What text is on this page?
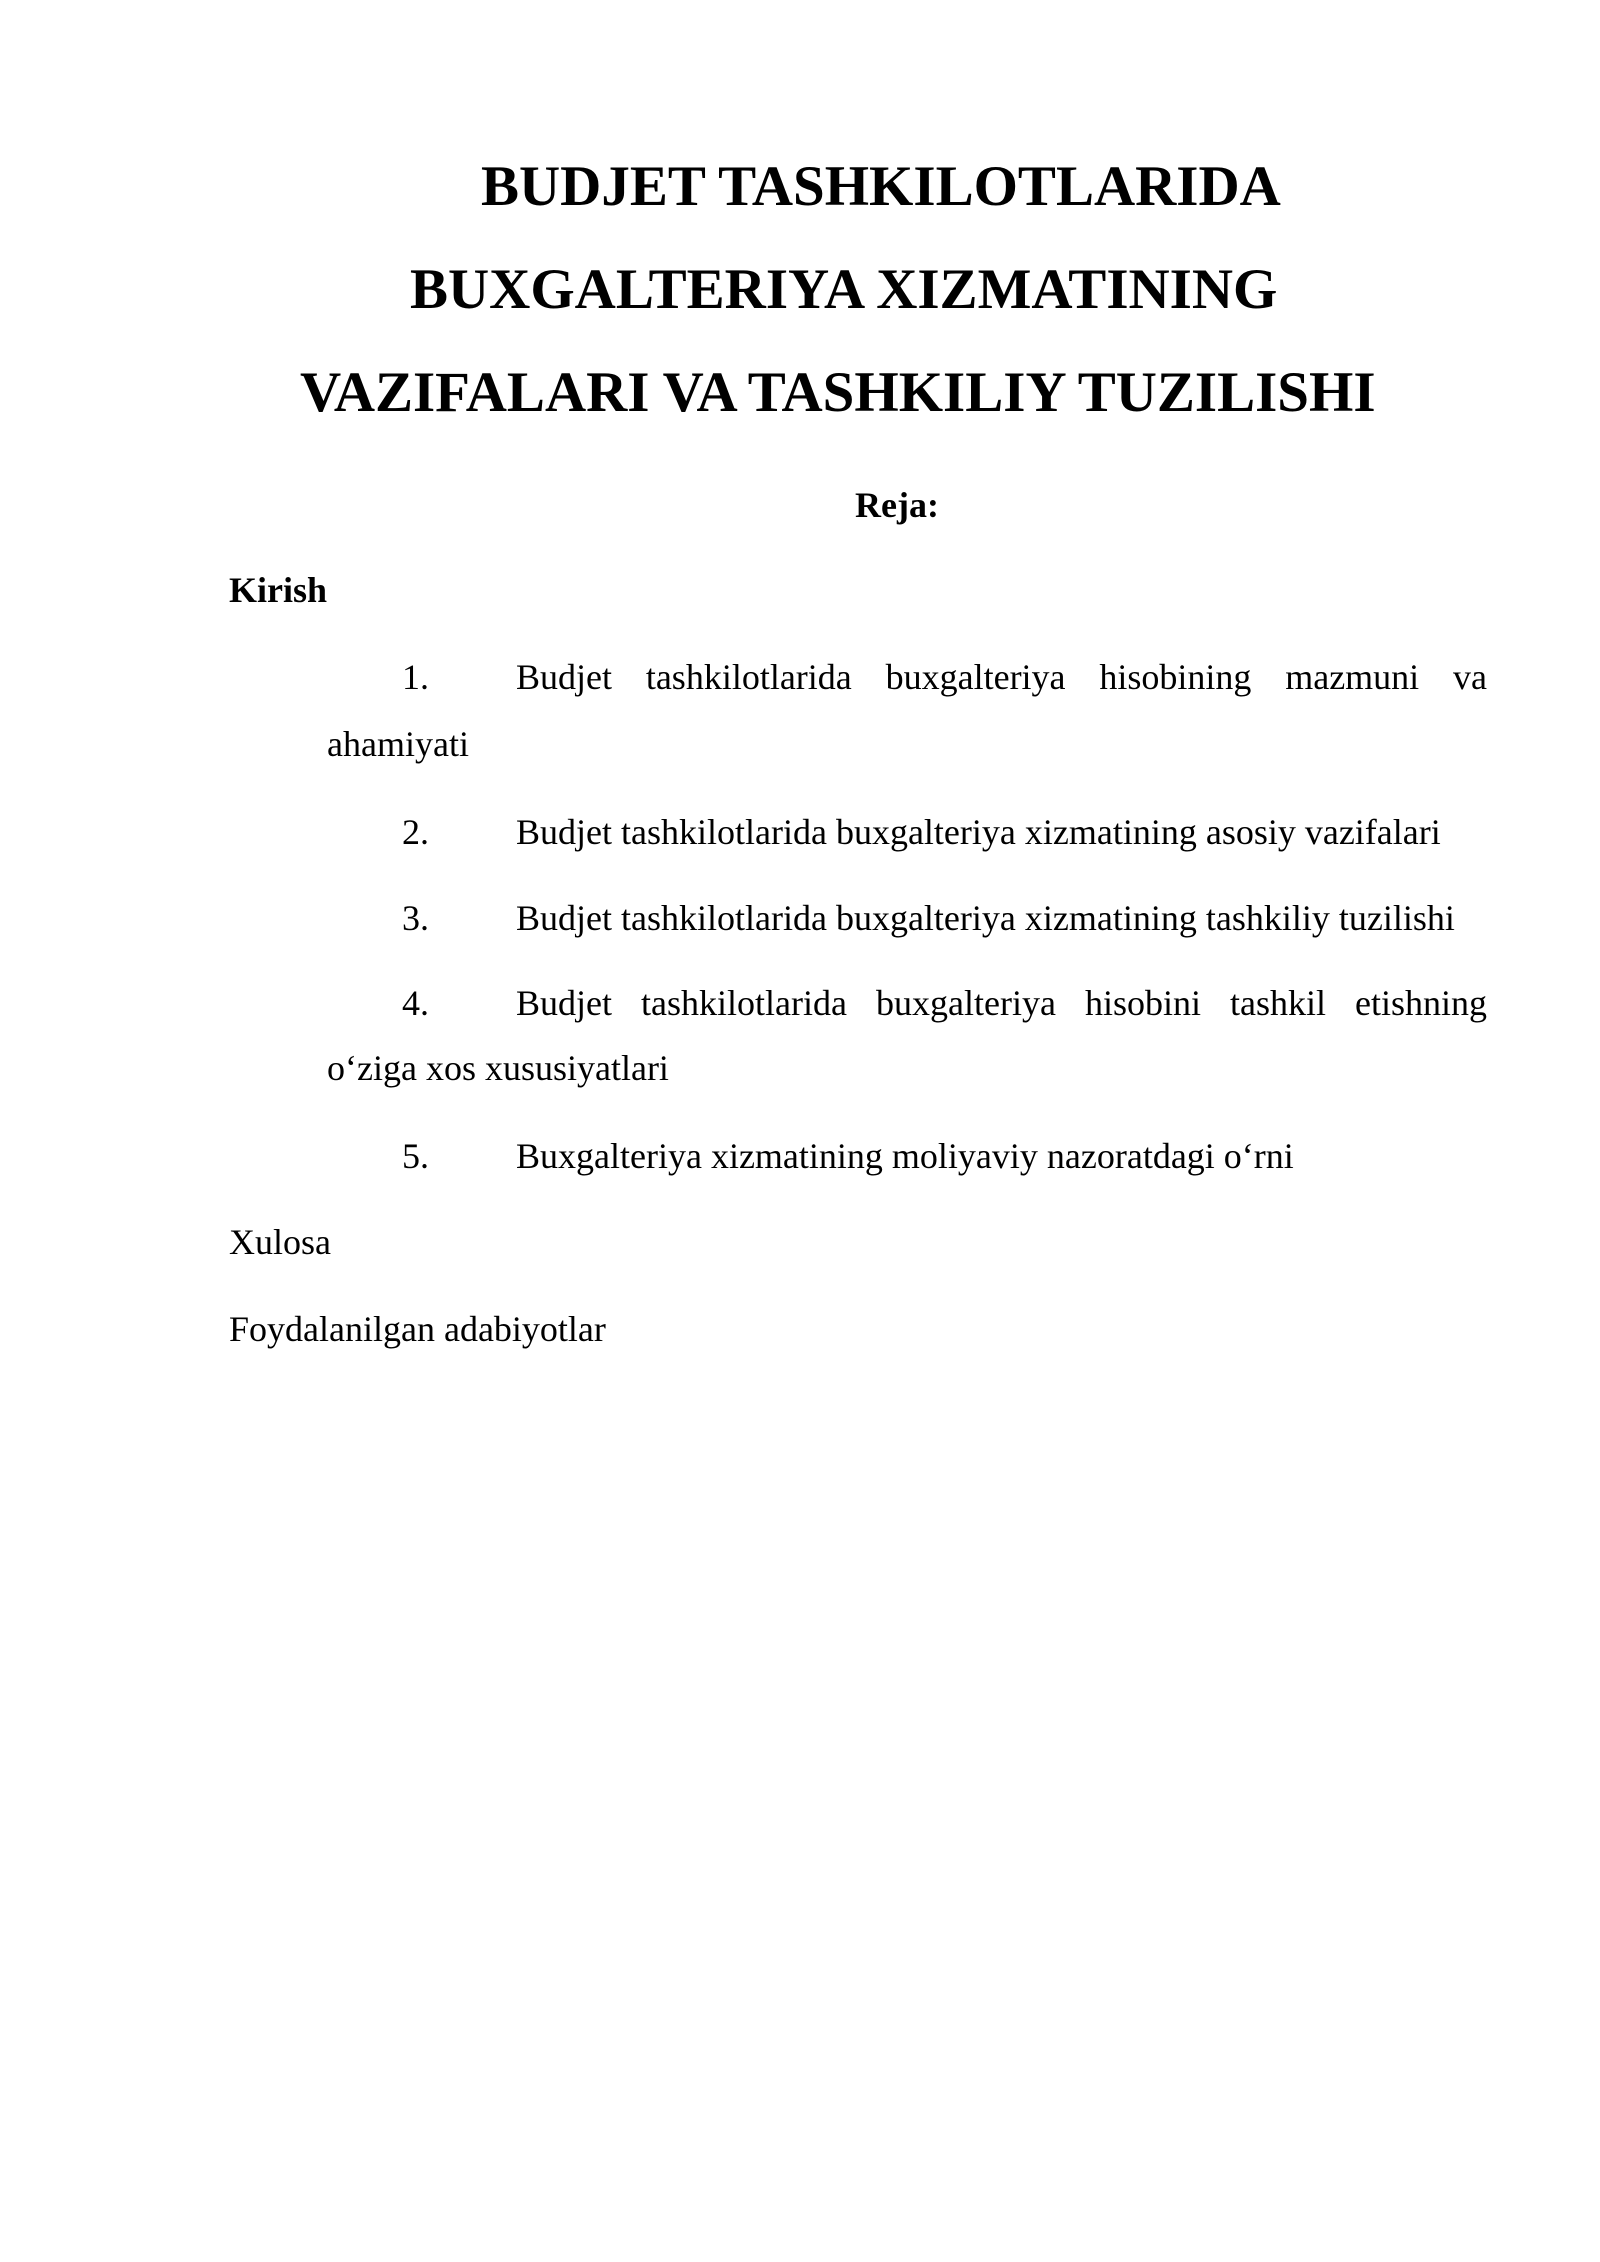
BUDJET TASHKILOTLARIDA
BUXGALTERIYA XIZMATINING
VAZIFALARI VA TASHKILIY TUZILISHI
Reja:
Kirish
1. Budjet tashkilotlarida buxgalteriya hisobining mazmuni va
ahamiyati
2. Budjet tashkilotlarida buxgalteriya xizmatining asosiy vazifalari
3. Budjet tashkilotlarida buxgalteriya xizmatining tashkiliy tuzilishi
4. Budjet tashkilotlarida buxgalteriya hisobini tashkil etishning
o‘ziga xos xususiyatlari
5. Buxgalteriya xizmatining moliyaviy nazoratdagi o‘rni
Xulosa
Foydalanilgan adabiyotlar
